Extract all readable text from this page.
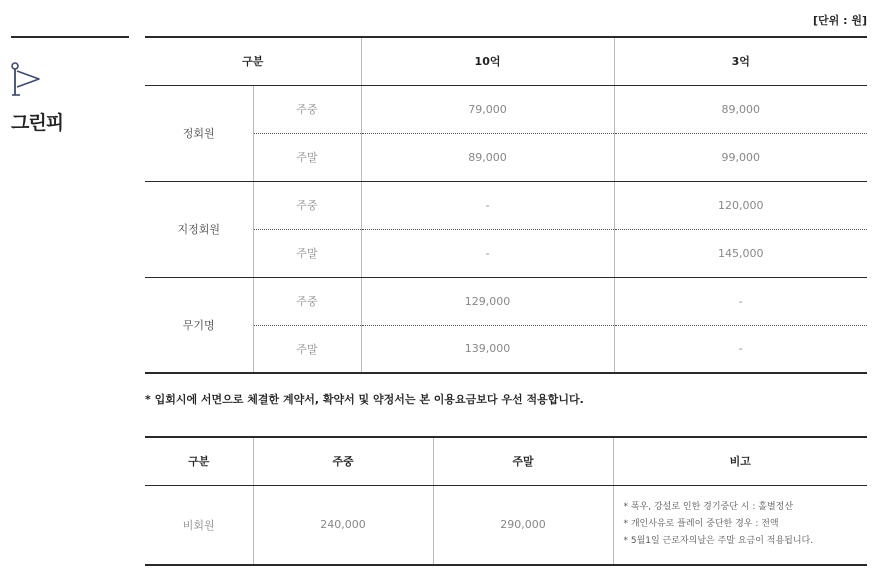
그린피
[단위 : 원]
구분		10억	3억
정회원	주중	79,000	89,000
	주말	89,000	99,000
지정회원	주중	-	120,000
	주말	-	145,000
무기명	주중	129,000	-
	주말	139,000	-
* 입회시에 서면으로 체결한 계약서, 확약서 및 약정서는 본 이용요금보다 우선 적용합니다.
구분	주중	주말	비고
비회원	240,000	290,000	* 폭우, 강설로 인한 경기중단 시 : 홀별정산
* 개인사유로 플레이 중단한 경우 : 전액
* 5월1일 근로자의날은 주말 요금이 적용됩니다.
